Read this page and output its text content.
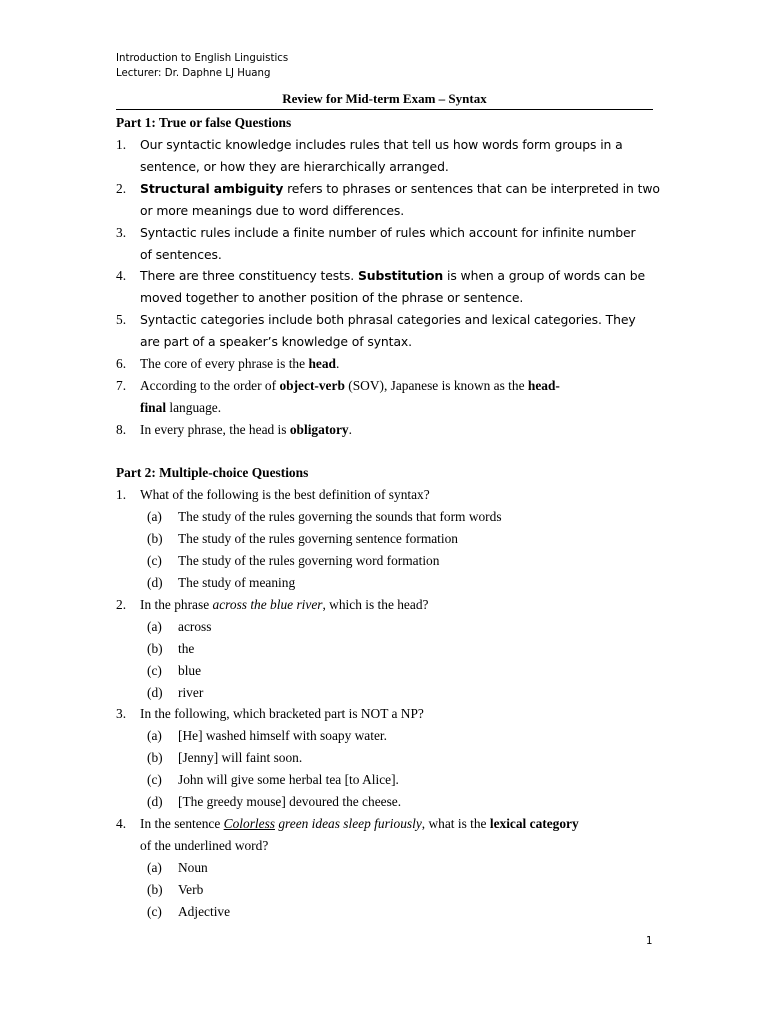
Introduction to English Linguistics
Lecturer: Dr. Daphne LJ Huang
Review for Mid-term Exam – Syntax
Part 1: True or false Questions
1. Our syntactic knowledge includes rules that tell us how words form groups in a
sentence, or how they are hierarchically arranged.
2. Structural ambiguity refers to phrases or sentences that can be interpreted in two
or more meanings due to word differences.
3. Syntactic rules include a finite number of rules which account for infinite number
of sentences.
4. There are three constituency tests. Substitution is when a group of words can be
moved together to another position of the phrase or sentence.
5. Syntactic categories include both phrasal categories and lexical categories. They
are part of a speaker’s knowledge of syntax.
6. The core of every phrase is the head.
7. According to the order of object-verb (SOV), Japanese is known as the head-
final language.
8. In every phrase, the head is obligatory.
Part 2: Multiple-choice Questions
1. What of the following is the best definition of syntax?
(a) The study of the rules governing the sounds that form words
(b) The study of the rules governing sentence formation
(c) The study of the rules governing word formation
(d) The study of meaning
2. In the phrase across the blue river, which is the head?
(a) across
(b) the
(c) blue
(d) river
3. In the following, which bracketed part is NOT a NP?
(a) [He] washed himself with soapy water.
(b) [Jenny] will faint soon.
(c) John will give some herbal tea [to Alice].
(d) [The greedy mouse] devoured the cheese.
4. In the sentence Colorless green ideas sleep furiously, what is the lexical category
of the underlined word?
(a) Noun
(b) Verb
(c) Adjective
1
